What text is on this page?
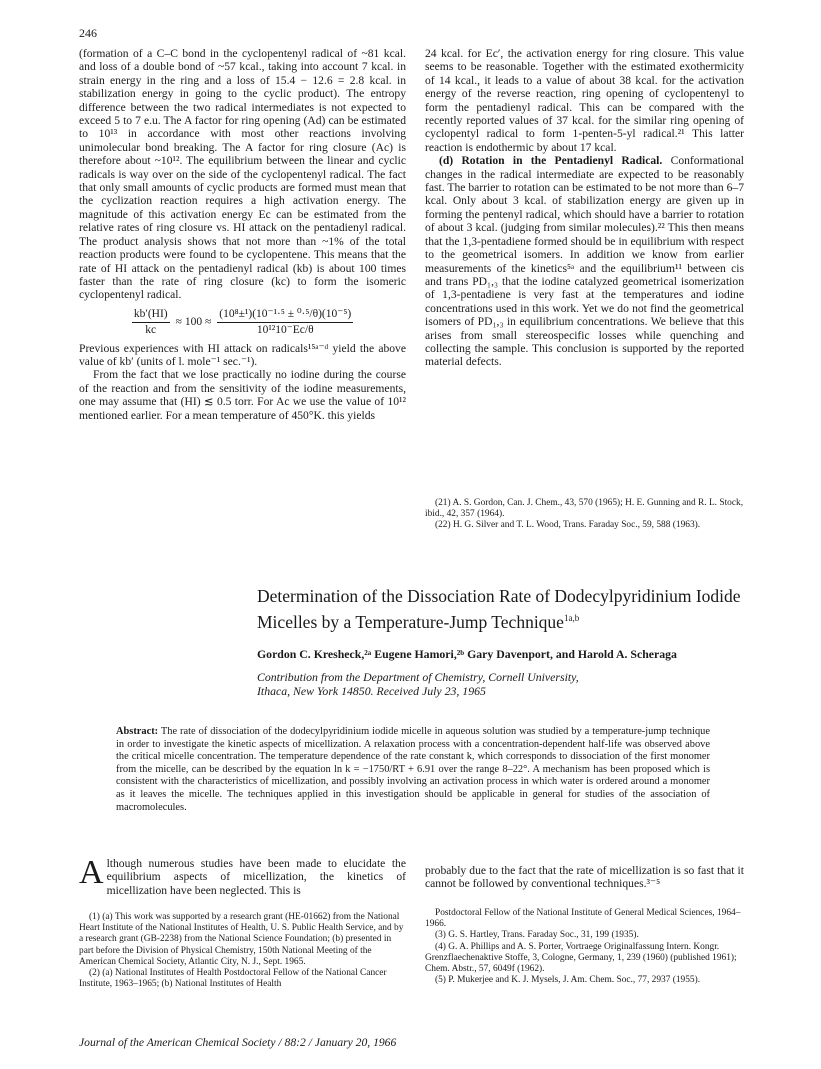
246

(formation of a C–C bond in the cyclopentenyl radical of ~81 kcal. and loss of a double bond of ~57 kcal., taking into account 7 kcal. in strain energy in the ring and a loss of 15.4 − 12.6 = 2.8 kcal. in stabilization energy in going to the cyclic product). The entropy difference between the two radical intermediates is not expected to exceed 5 to 7 e.u. The A factor for ring opening (Ad) can be estimated to 10¹³ in accordance with most other reactions involving unimolecular bond breaking. The A factor for ring closure (Ac) is therefore about ~10¹². The equilibrium between the linear and cyclic radicals is way over on the side of the cyclopentenyl radical. The fact that only small amounts of cyclic products are formed must mean that the cyclization reaction requires a high activation energy. The magnitude of this activation energy Ec can be estimated from the relative rates of ring closure vs. HI attack on the pentadienyl radical. The product analysis shows that not more than ~1% of the total reaction products were found to be cyclopentene. This means that the rate of HI attack on the pentadienyl radical (kb) is about 100 times faster than the rate of ring closure (kc) to form the isomeric cyclopentenyl radical.

$\frac{kb'(HI)}{kc} \approx 100 \approx \frac{\text{(10⁸±¹)(10⁻¹·⁵ ± ⁰·⁵/θ)(10⁻⁵)}}{\text{10¹²10⁻Ec/θ}}$

Previous experiences with HI attack on radicals¹⁵ᵃ⁻ᵈ yield the above value of kb′ (units of l. mole⁻¹ sec.⁻¹).

From the fact that we lose practically no iodine during the course of the reaction and from the sensitivity of the iodine measurements, one may assume that (HI) ≲ 0.5 torr. For Ac we use the value of 10¹² mentioned earlier. For a mean temperature of 450°K. this yields

24 kcal. for Ec′, the activation energy for ring closure. This value seems to be reasonable. Together with the estimated exothermicity of 14 kcal., it leads to a value of about 38 kcal. for the activation energy of the reverse reaction, ring opening of cyclopentenyl to form the pentadienyl radical. This can be compared with the recently reported values of 37 kcal. for the similar ring opening of cyclopentyl radical to form 1-penten-5-yl radical.²¹ This latter reaction is endothermic by about 17 kcal.

(d) Rotation in the Pentadienyl Radical. Conformational changes in the radical intermediate are expected to be reasonably fast. The barrier to rotation can be estimated to be not more than 6–7 kcal. Only about 3 kcal. of stabilization energy are given up in forming the pentenyl radical, which should have a barrier to rotation of about 3 kcal. (judging from similar molecules).²² This then means that the 1,3-pentadiene formed should be in equilibrium with respect to the geometrical isomers. In addition we know from earlier measurements of the kinetics⁵ᵃ and the equilibrium¹¹ between cis and trans PD₁,₃ that the iodine catalyzed geometrical isomerization of 1,3-pentadiene is very fast at the temperatures and iodine concentrations used in this work. Yet we do not find the geometrical isomers of PD₁,₃ in equilibrium concentrations. We believe that this arises from small stereospecific losses while quenching and collecting the sample. This conclusion is supported by the reported material defects.

(21) A. S. Gordon, Can. J. Chem., 43, 570 (1965); H. E. Gunning and R. L. Stock, ibid., 42, 357 (1964).

(22) H. G. Silver and T. L. Wood, Trans. Faraday Soc., 59, 588 (1963).

Determination of the Dissociation Rate of Dodecylpyridinium Iodide Micelles by a Temperature-Jump Technique$^{1a,b}$
Gordon C. Kresheck,²ᵃ Eugene Hamori,²ᵇ Gary Davenport, and Harold A. Scheraga
Contribution from the Department of Chemistry, Cornell University,
Ithaca, New York 14850. Received July 23, 1965
Abstract: The rate of dissociation of the dodecylpyridinium iodide micelle in aqueous solution was studied by a temperature-jump technique in order to investigate the kinetic aspects of micellization. A relaxation process with a concentration-dependent half-life was observed above the critical micelle concentration. The temperature dependence of the rate constant k, which corresponds to dissociation of the first monomer from the micelle, can be described by the equation ln k = −1750/RT + 6.91 over the range 8–22°. A mechanism has been proposed which is consistent with the characteristics of micellization, and possibly involving an activation process in which water is ordered around a monomer as it leaves the micelle. The techniques applied in this investigation should be applicable in general for studies of the association of macromolecules.
Although numerous studies have been made to elucidate the equilibrium aspects of micellization, the kinetics of micellization have been neglected. This is
probably due to the fact that the rate of micellization is so fast that it cannot be followed by conventional techniques.³⁻⁵

(1) (a) This work was supported by a research grant (HE-01662) from the National Heart Institute of the National Institutes of Health, U. S. Public Health Service, and by a research grant (GB-2238) from the National Science Foundation; (b) presented in part before the Division of Physical Chemistry, 150th National Meeting of the American Chemical Society, Atlantic City, N. J., Sept. 1965.

(2) (a) National Institutes of Health Postdoctoral Fellow of the National Cancer Institute, 1963–1965; (b) National Institutes of Health

Postdoctoral Fellow of the National Institute of General Medical Sciences, 1964–1966.

(3) G. S. Hartley, Trans. Faraday Soc., 31, 199 (1935).

(4) G. A. Phillips and A. S. Porter, Vortraege Originalfassung Intern. Kongr. Grenzflaechenaktive Stoffe, 3, Cologne, Germany, 1, 239 (1960) (published 1961); Chem. Abstr., 57, 6049f (1962).

(5) P. Mukerjee and K. J. Mysels, J. Am. Chem. Soc., 77, 2937 (1955).

Journal of the American Chemical Society / 88:2 / January 20, 1966
